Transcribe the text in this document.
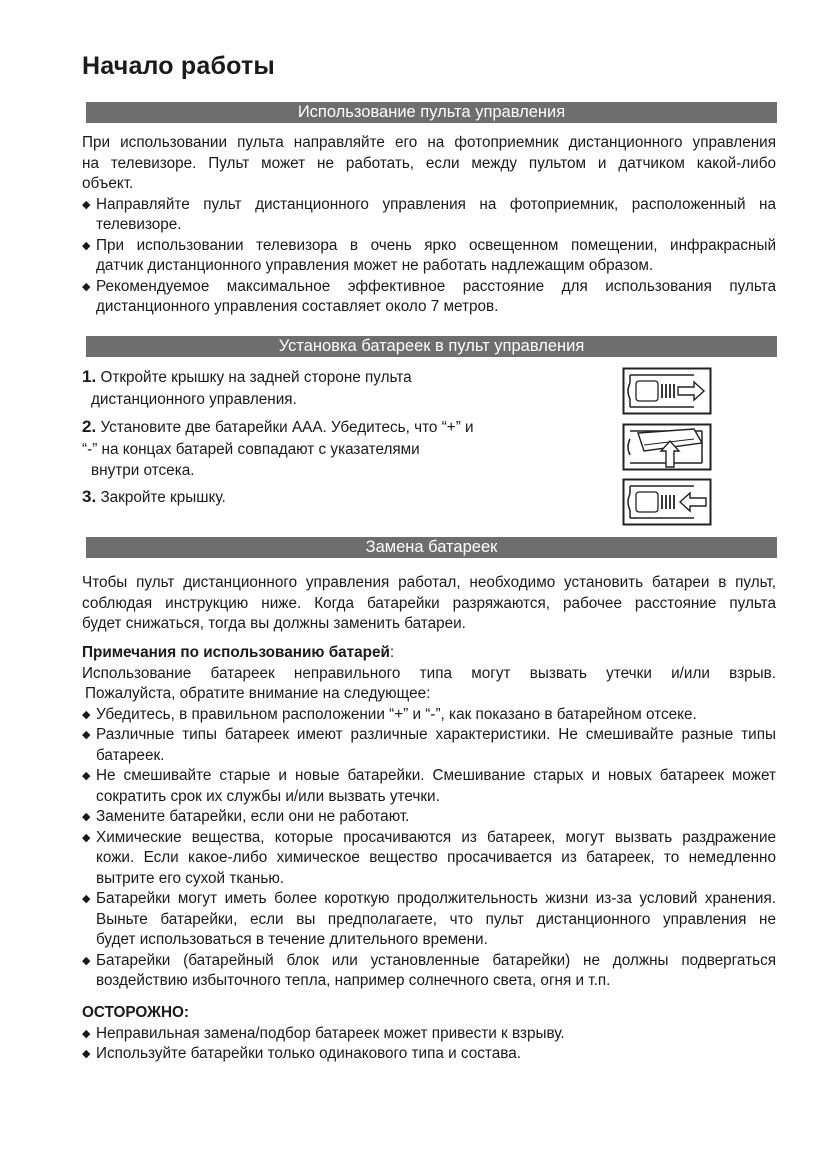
Начало работы
Использование пульта управления

При использовании пульта направляйте его на фотоприемник дистанционного управления

на телевизоре. Пульт может не работать, если между пультом и датчиком какой-либо

объект.

◆ Направляйте пульт дистанционного управления на фотоприемник, расположенный на
телевизоре.
◆ При использовании телевизора в очень ярко освещенном помещении, инфракрасный
датчик дистанционного управления может не работать надлежащим образом.
◆ Рекомендуемое максимальное эффективное расстояние для использования пульта
дистанционного управления составляет около 7 метров.
Установка батареек в пульт управления
1. Откройте крышку на задней стороне пульта
дистанционного управления.
2. Установите две батарейки ААА. Убедитесь, что “+” и
“-” на концах батарей совпадают с указателями
внутри отсека.
3. Закройте крышку.
Замена батареек

Чтобы пульт дистанционного управления работал, необходимо установить батареи в пульт,

соблюдая инструкцию ниже. Когда батарейки разряжаются, рабочее расстояние пульта

будет снижаться, тогда вы должны заменить батареи.

Примечания по использованию батарей:

Использование батареек неправильного типа могут вызвать утечки и/или взрыв.

Пожалуйста, обратите внимание на следующее:

◆ Убедитесь, в правильном расположении “+” и “-”, как показано в батарейном отсеке.
◆ Различные типы батареек имеют различные характеристики. Не смешивайте разные типы
батареек.
◆ Не смешивайте старые и новые батарейки. Смешивание старых и новых батареек может
сократить срок их службы и/или вызвать утечки.
◆ Замените батарейки, если они не работают.
◆ Химические вещества, которые просачиваются из батареек, могут вызвать раздражение
кожи. Если какое-либо химическое вещество просачивается из батареек, то немедленно
вытрите его сухой тканью.
◆ Батарейки могут иметь более короткую продолжительность жизни из-за условий хранения.
Выньте батарейки, если вы предполагаете, что пульт дистанционного управления не
будет использоваться в течение длительного времени.
◆ Батарейки (батарейный блок или установленные батарейки) не должны подвергаться
воздействию избыточного тепла, например солнечного света, огня и т.п.

ОСТОРОЖНО:

◆ Неправильная замена/подбор батареек может привести к взрыву.
◆ Используйте батарейки только одинакового типа и состава.
